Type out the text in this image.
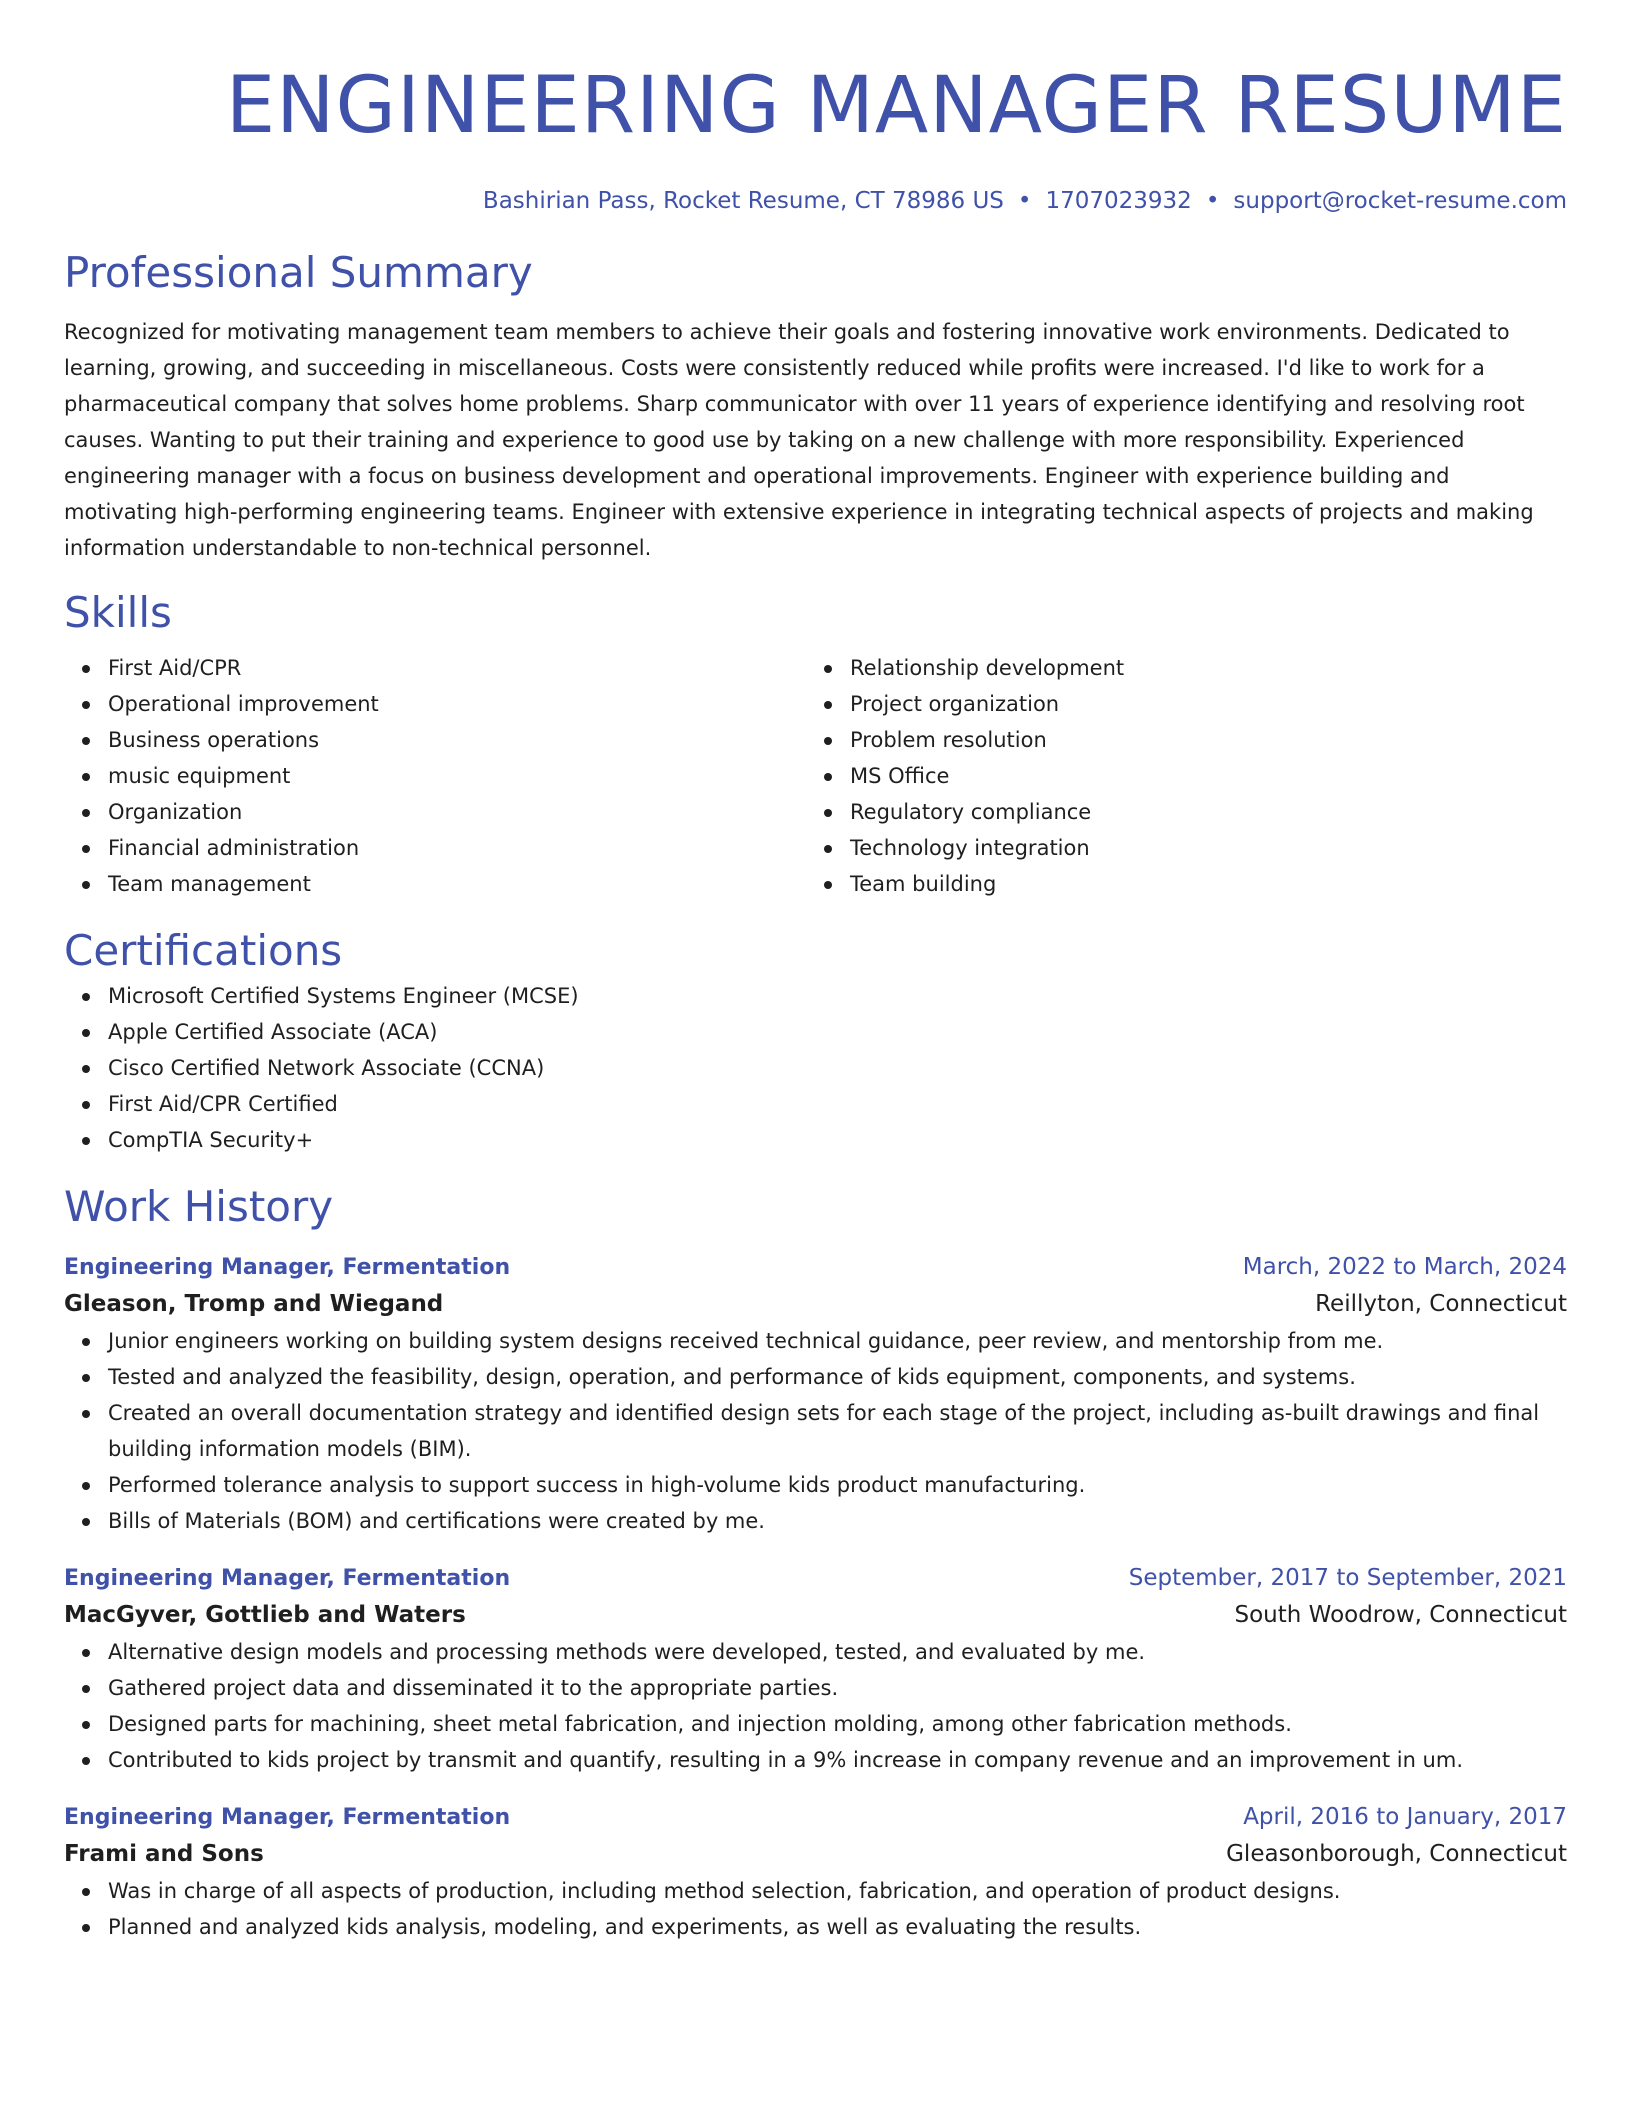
ENGINEERING MANAGER RESUME
Bashirian Pass, Rocket Resume, CT 78986 US • 1707023932 • support@rocket-resume.com
Professional Summary
Recognized for motivating management team members to achieve their goals and fostering innovative work environments. Dedicated to learning, growing, and succeeding in miscellaneous. Costs were consistently reduced while profits were increased. I'd like to work for a pharmaceutical company that solves home problems. Sharp communicator with over 11 years of experience identifying and resolving root causes. Wanting to put their training and experience to good use by taking on a new challenge with more responsibility. Experienced engineering manager with a focus on business development and operational improvements. Engineer with experience building and motivating high-performing engineering teams. Engineer with extensive experience in integrating technical aspects of projects and making information understandable to non-technical personnel.
Skills
First Aid/CPR
Operational improvement
Business operations
music equipment
Organization
Financial administration
Team management
Relationship development
Project organization
Problem resolution
MS Office
Regulatory compliance
Technology integration
Team building
Certifications
Microsoft Certified Systems Engineer (MCSE)
Apple Certified Associate (ACA)
Cisco Certified Network Associate (CCNA)
First Aid/CPR Certified
CompTIA Security+
Work History
Engineering Manager, Fermentation	March, 2022 to March, 2024
Gleason, Tromp and Wiegand	Reillyton, Connecticut
Junior engineers working on building system designs received technical guidance, peer review, and mentorship from me.
Tested and analyzed the feasibility, design, operation, and performance of kids equipment, components, and systems.
Created an overall documentation strategy and identified design sets for each stage of the project, including as-built drawings and final building information models (BIM).
Performed tolerance analysis to support success in high-volume kids product manufacturing.
Bills of Materials (BOM) and certifications were created by me.
Engineering Manager, Fermentation	September, 2017 to September, 2021
MacGyver, Gottlieb and Waters	South Woodrow, Connecticut
Alternative design models and processing methods were developed, tested, and evaluated by me.
Gathered project data and disseminated it to the appropriate parties.
Designed parts for machining, sheet metal fabrication, and injection molding, among other fabrication methods.
Contributed to kids project by transmit and quantify, resulting in a 9% increase in company revenue and an improvement in um.
Engineering Manager, Fermentation	April, 2016 to January, 2017
Frami and Sons	Gleasonborough, Connecticut
Was in charge of all aspects of production, including method selection, fabrication, and operation of product designs.
Planned and analyzed kids analysis, modeling, and experiments, as well as evaluating the results.
